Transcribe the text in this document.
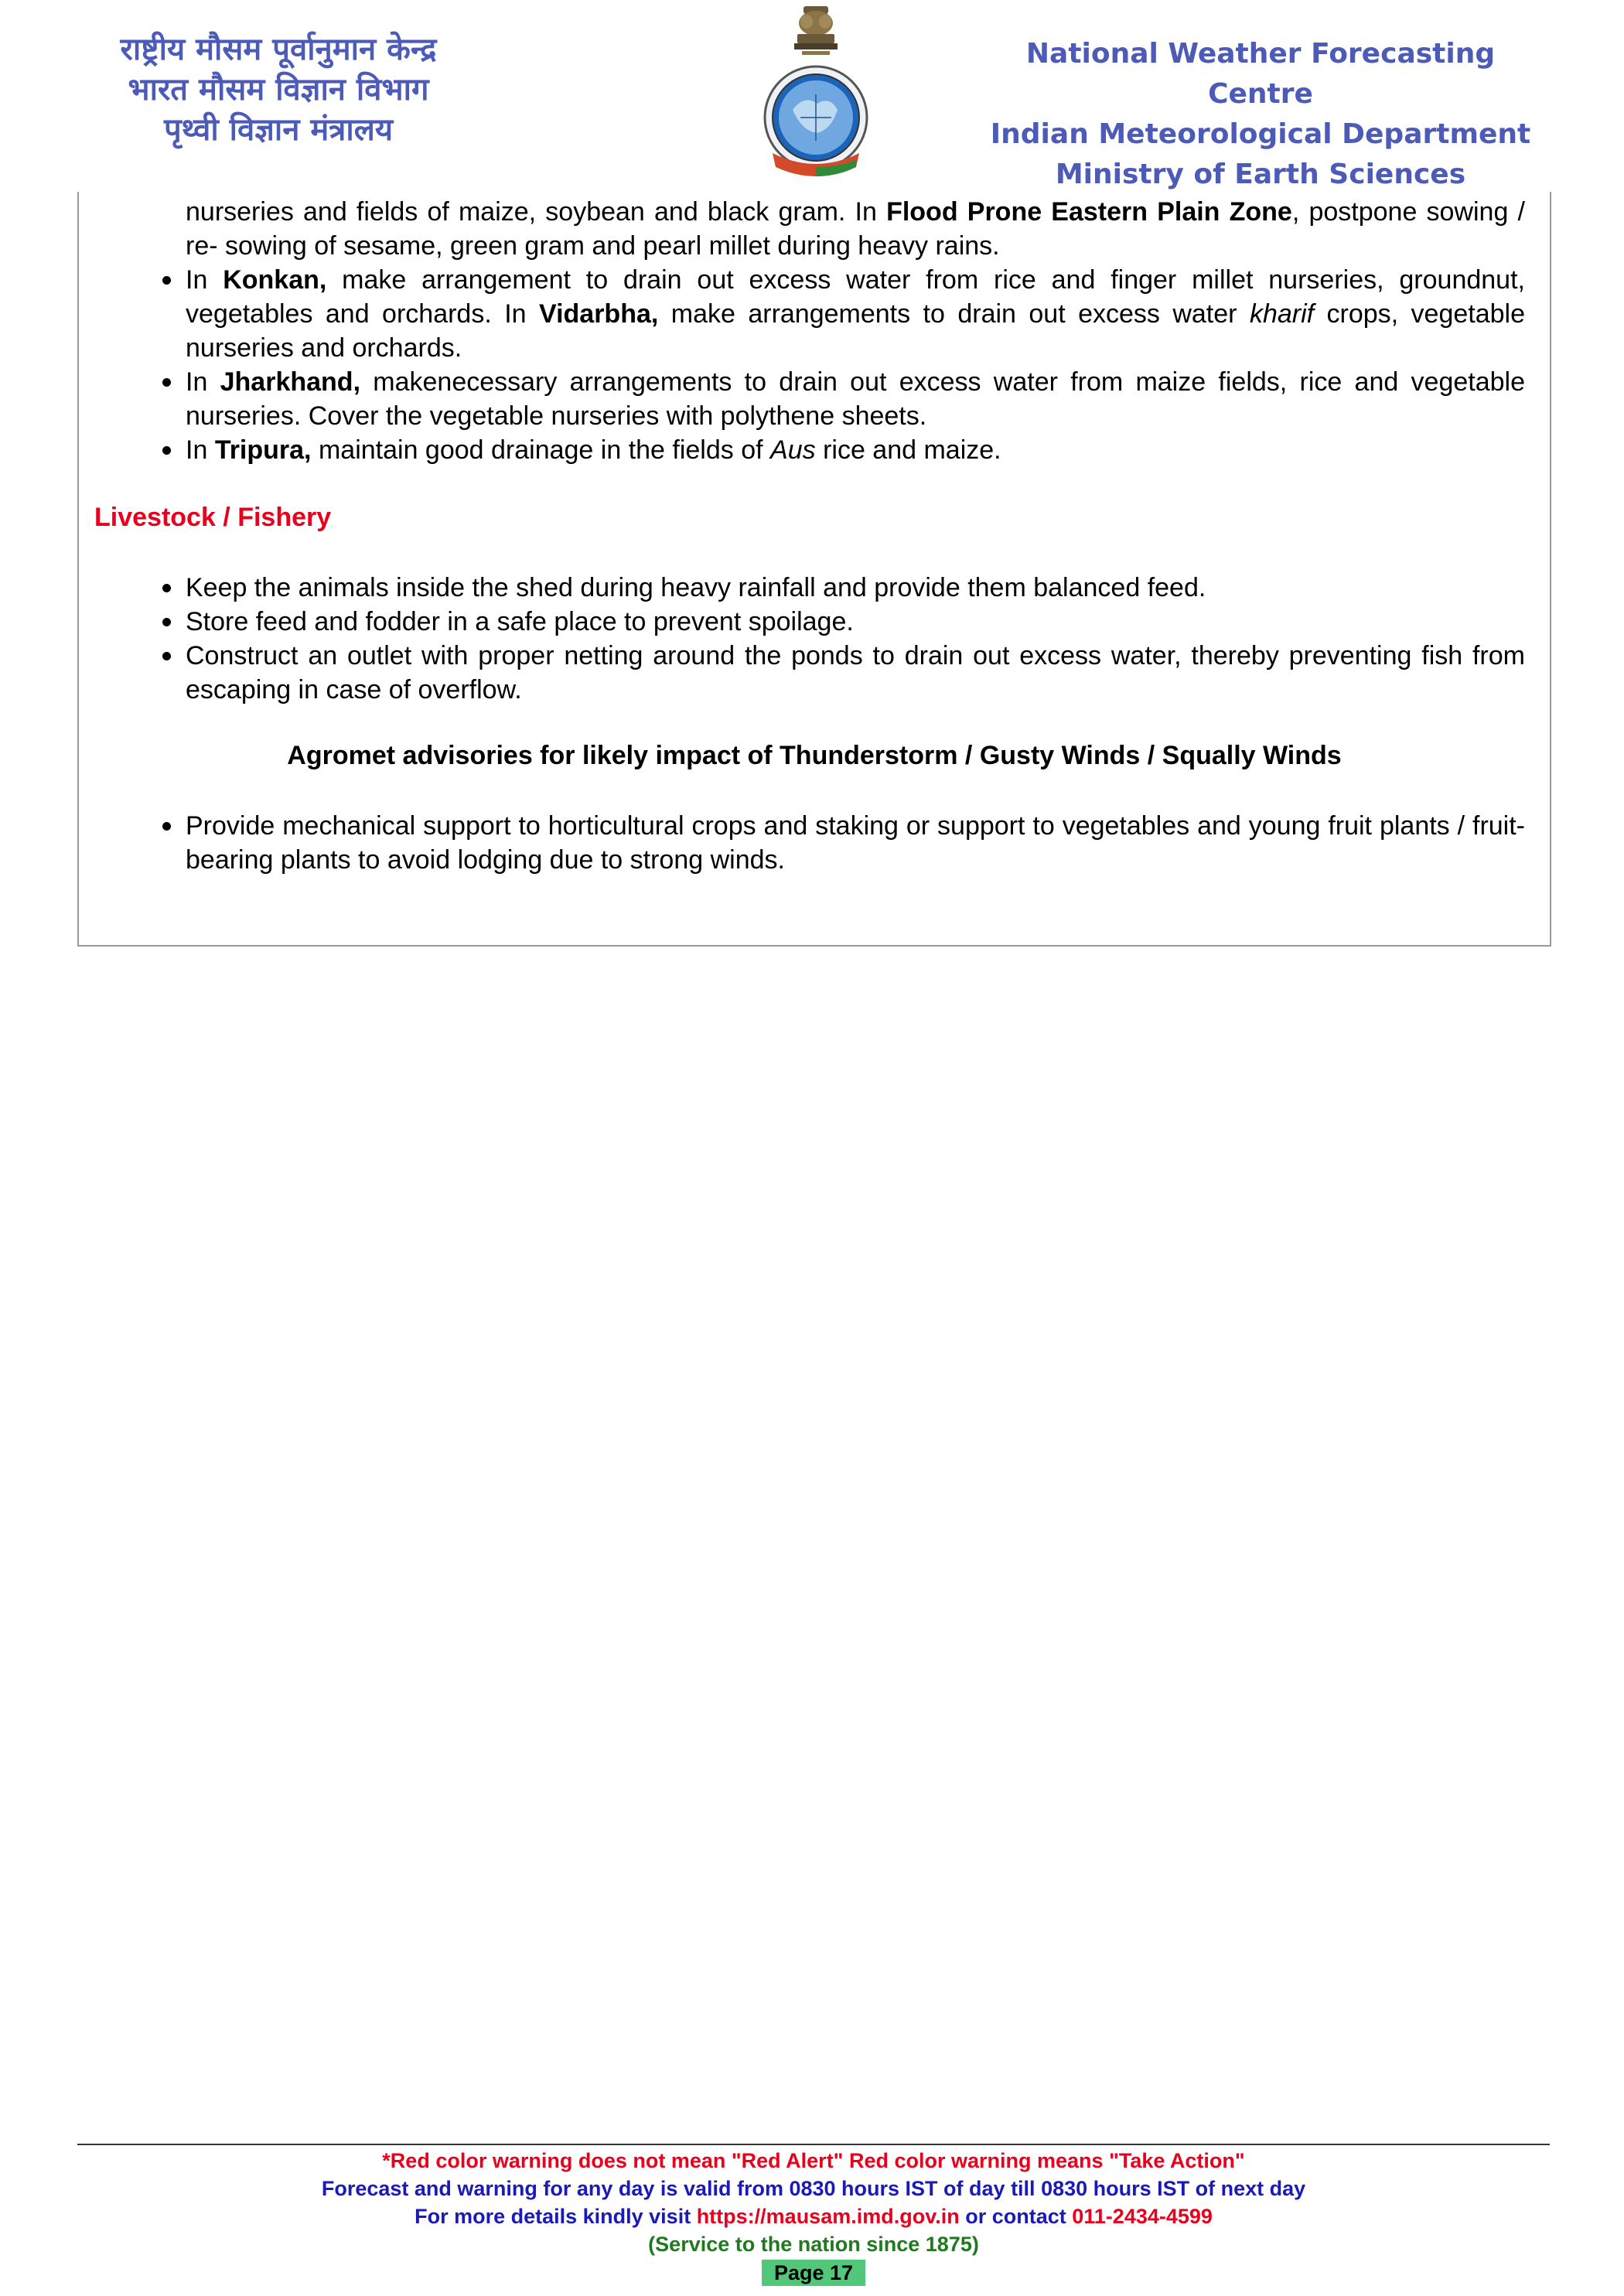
राष्ट्रीय मौसम पूर्वानुमान केन्द्र
भारत मौसम विज्ञान विभाग
पृथ्वी विज्ञान मंत्रालय
National Weather Forecasting Centre
Indian Meteorological Department
Ministry of Earth Sciences
nurseries and fields of maize, soybean and black gram. In Flood Prone Eastern Plain Zone, postpone sowing / re- sowing of sesame, green gram and pearl millet during heavy rains.
In Konkan, make arrangement to drain out excess water from rice and finger millet nurseries, groundnut, vegetables and orchards. In Vidarbha, make arrangements to drain out excess water kharif crops, vegetable nurseries and orchards.
In Jharkhand, makenecessary arrangements to drain out excess water from maize fields, rice and vegetable nurseries. Cover the vegetable nurseries with polythene sheets.
In Tripura, maintain good drainage in the fields of Aus rice and maize.
Livestock / Fishery
Keep the animals inside the shed during heavy rainfall and provide them balanced feed.
Store feed and fodder in a safe place to prevent spoilage.
Construct an outlet with proper netting around the ponds to drain out excess water, thereby preventing fish from escaping in case of overflow.
Agromet advisories for likely impact of Thunderstorm / Gusty Winds / Squally Winds
Provide mechanical support to horticultural crops and staking or support to vegetables and young fruit plants / fruit-bearing plants to avoid lodging due to strong winds.
*Red color warning does not mean "Red Alert" Red color warning means "Take Action"
Forecast and warning for any day is valid from 0830 hours IST of day till 0830 hours IST of next day
For more details kindly visit https://mausam.imd.gov.in or contact 011-2434-4599
(Service to the nation since 1875)
Page 17
